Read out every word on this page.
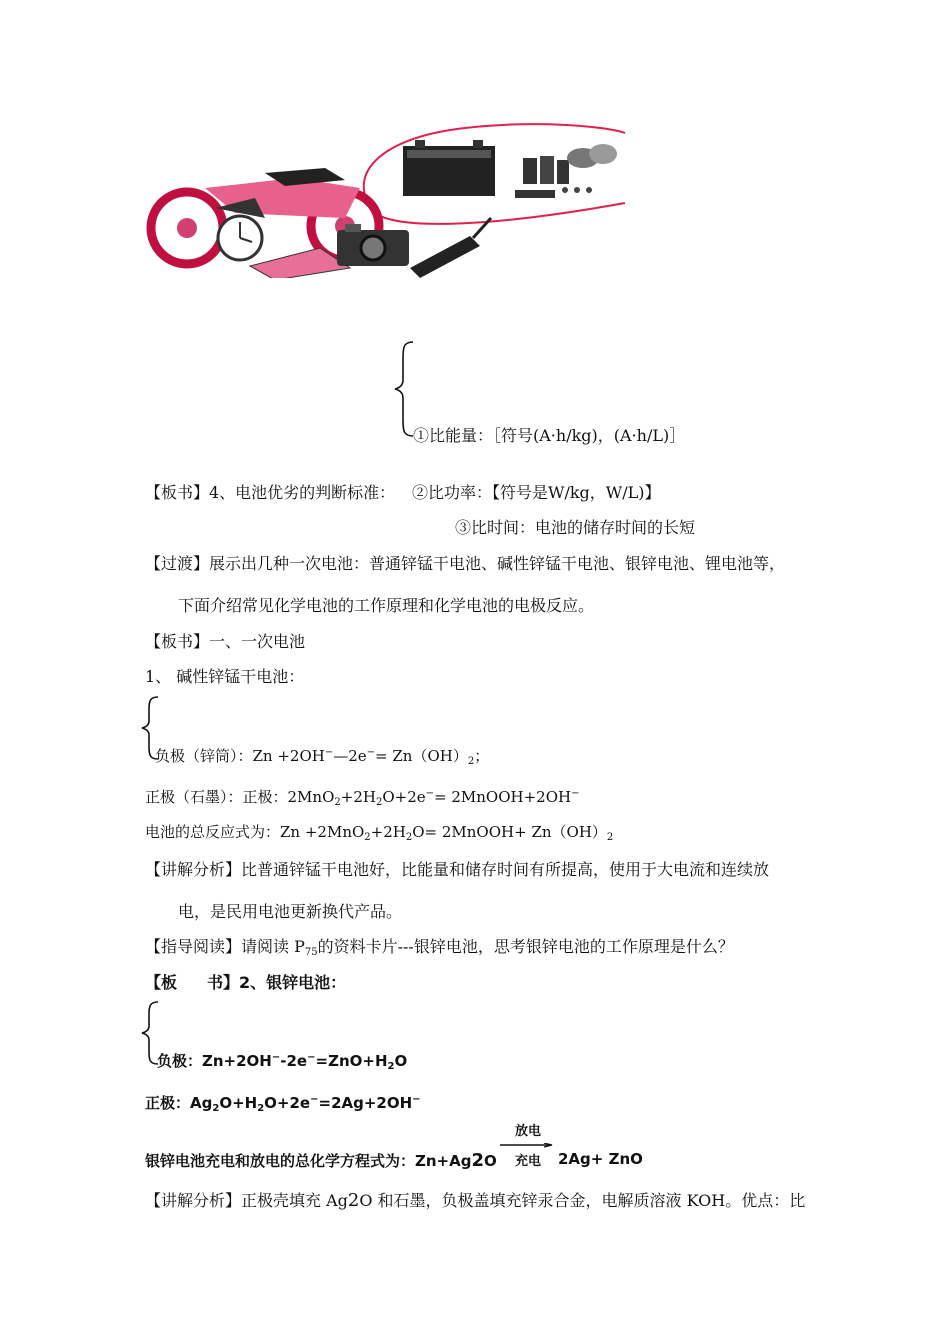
①比能量：［符号(A·h/kg)，(A·h/L)］
【板书】4、电池优劣的判断标准： ②比功率：【符号是W/kg，W/L)】
③比时间：电池的储存时间的长短
【过渡】展示出几种一次电池：普通锌锰干电池、碱性锌锰干电池、银锌电池、锂电池等，
下面介绍常见化学电池的工作原理和化学电池的电极反应。
【板书】一、一次电池
1、 碱性锌锰干电池：
负极（锌筒）：Zn +2OH−—2e−= $Zn(OH)_2$；
正极（石墨）：正极：$2MnO_2+2H_2O+2e^-=$ 2MnOOH+2OH−
电池的总反应式为：$Zn +2MnO_2+2H_2O=$ 2MnOOH+ $Zn(OH)_2$
【讲解分析】比普通锌锰干电池好，比能量和储存时间有所提高，使用于大电流和连续放
电，是民用电池更新换代产品。
【指导阅读】请阅读 $P_{75}$的资料卡片---银锌电池，思考银锌电池的工作原理是什么？
【板 书】2、银锌电池：
负极：$Zn+2OH^--2e^-=ZnO+H_2O$
正极：$Ag_2O+H_2O+2e^-=2Ag+2OH^-$
银锌电池充电和放电的总化学方程式为：Zn+Ag2O
放电
充电	2Ag+ ZnO
【讲解分析】正极壳填充 Ag2O 和石墨，负极盖填充锌汞合金，电解质溶液 KOH。优点：比
